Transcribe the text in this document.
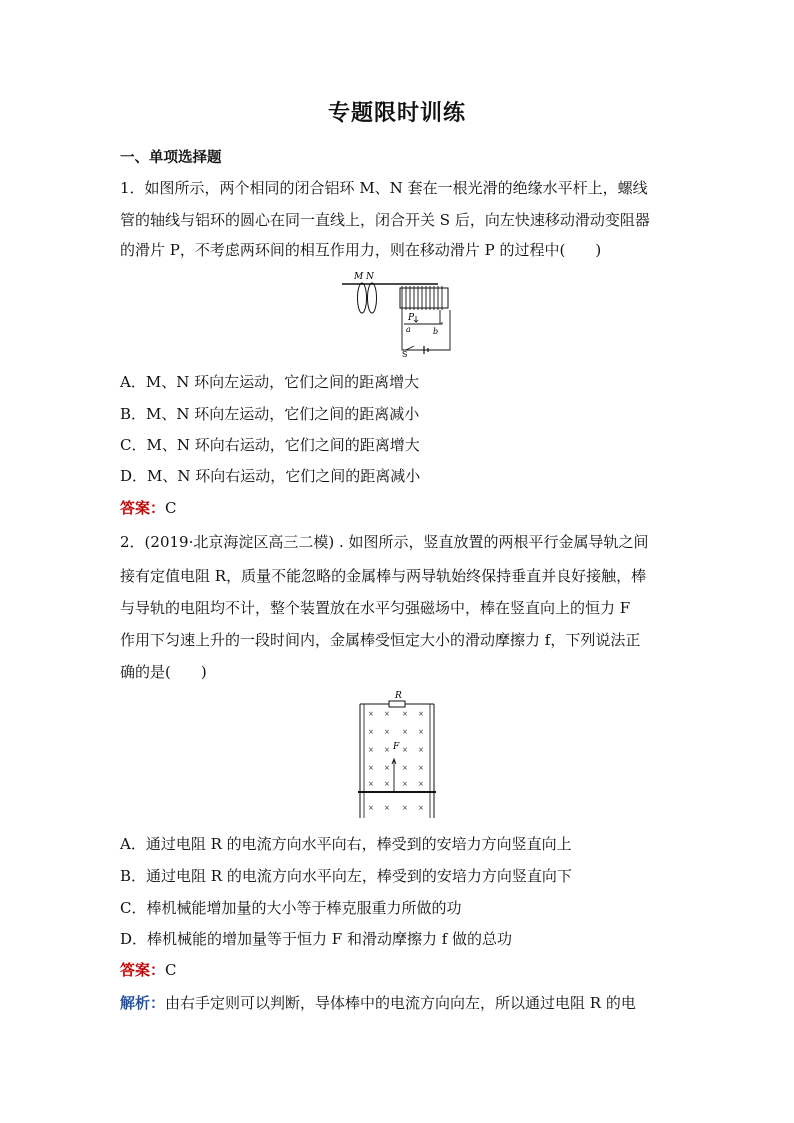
专题限时训练
一、单项选择题
1．如图所示，两个相同的闭合铝环 M、N 套在一根光滑的绝缘水平杆上，螺线
管的轴线与铝环的圆心在同一直线上，闭合开关 S 后，向左快速移动滑动变阻器
的滑片 P，不考虑两环间的相互作用力，则在移动滑片 P 的过程中(　　)
M N
P
a	b
S
A．M、N 环向左运动，它们之间的距离增大
B．M、N 环向左运动，它们之间的距离减小
C．M、N 环向右运动，它们之间的距离增大
D．M、N 环向右运动，它们之间的距离减小
答案：C
2．(2019·北京海淀区高三二模) . 如图所示，竖直放置的两根平行金属导轨之间
接有定值电阻 R，质量不能忽略的金属棒与两导轨始终保持垂直并良好接触，棒
与导轨的电阻均不计，整个装置放在水平匀强磁场中，棒在竖直向上的恒力 F
作用下匀速上升的一段时间内，金属棒受恒定大小的滑动摩擦力 f，下列说法正
确的是(　　)
R
F
× × × ×
× × × ×
× × × ×
× × × ×
× × × ×
× × × ×
A．通过电阻 R 的电流方向水平向右，棒受到的安培力方向竖直向上
B．通过电阻 R 的电流方向水平向左，棒受到的安培力方向竖直向下
C．棒机械能增加量的大小等于棒克服重力所做的功
D．棒机械能的增加量等于恒力 F 和滑动摩擦力 f 做的总功
答案：C
解析：由右手定则可以判断，导体棒中的电流方向向左，所以通过电阻 R 的电
